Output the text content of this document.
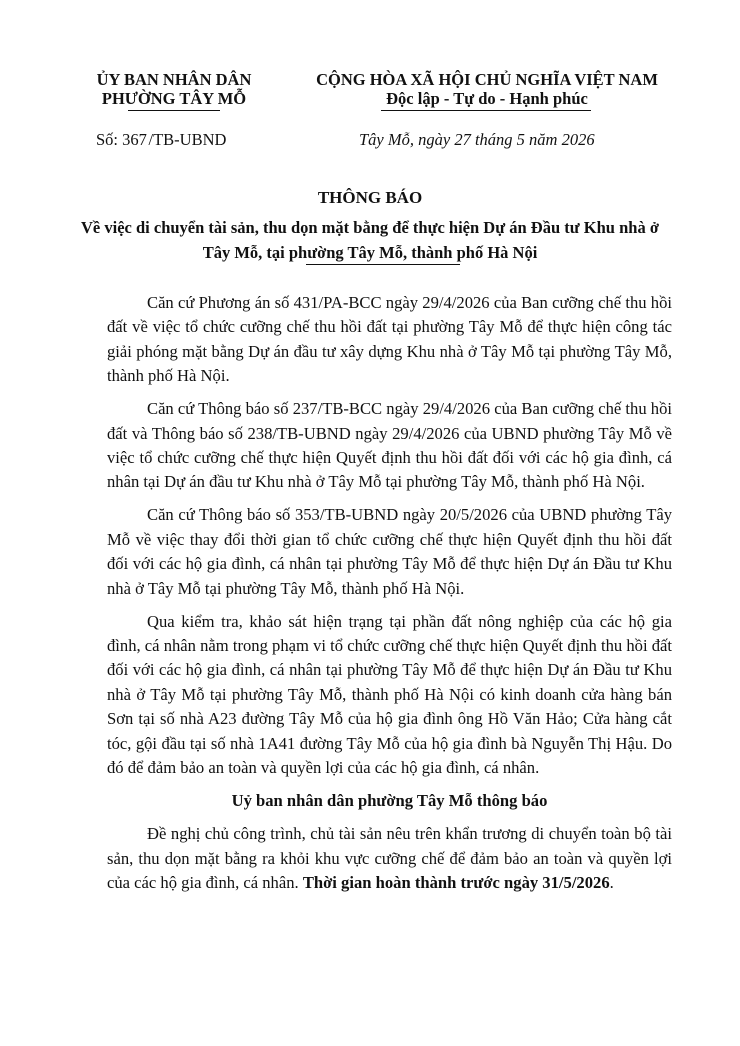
ỦY BAN NHÂN DÂN
PHƯỜNG TÂY MỖ
CỘNG HÒA XÃ HỘI CHỦ NGHĨA VIỆT NAM
Độc lập - Tự do - Hạnh phúc
Số: 367    /TB-UBND	Tây Mỗ, ngày 27 tháng 5 năm 2026
THÔNG BÁO
Về việc di chuyển tài sản, thu dọn mặt bằng để thực hiện Dự án Đầu tư Khu nhà ở Tây Mỗ, tại phường Tây Mỗ, thành phố Hà Nội

Căn cứ Phương án số 431/PA-BCC ngày 29/4/2026 của Ban cưỡng chế thu hồi đất về việc tổ chức cưỡng chế thu hồi đất tại phường Tây Mỗ để thực hiện công tác giải phóng mặt bằng Dự án đầu tư xây dựng Khu nhà ở Tây Mỗ tại phường Tây Mỗ, thành phố Hà Nội.

Căn cứ Thông báo số 237/TB-BCC ngày 29/4/2026 của Ban cưỡng chế thu hồi đất và Thông báo số 238/TB-UBND ngày 29/4/2026 của UBND phường Tây Mỗ về việc tổ chức cưỡng chế thực hiện Quyết định thu hồi đất đối với các hộ gia đình, cá nhân tại Dự án đầu tư Khu nhà ở Tây Mỗ tại phường Tây Mỗ, thành phố Hà Nội.

Căn cứ Thông báo số 353/TB-UBND ngày 20/5/2026 của UBND phường Tây Mỗ về việc thay đổi thời gian tổ chức cưỡng chế thực hiện Quyết định thu hồi đất đối với các hộ gia đình, cá nhân tại phường Tây Mỗ để thực hiện Dự án Đầu tư Khu nhà ở Tây Mỗ tại phường Tây Mỗ, thành phố Hà Nội.

Qua kiểm tra, khảo sát hiện trạng tại phần đất nông nghiệp của các hộ gia đình, cá nhân nằm trong phạm vi tổ chức cưỡng chế thực hiện Quyết định thu hồi đất đối với các hộ gia đình, cá nhân tại phường Tây Mỗ để thực hiện Dự án Đầu tư Khu nhà ở Tây Mỗ tại phường Tây Mỗ, thành phố Hà Nội có kinh doanh cửa hàng bán Sơn tại số nhà A23 đường Tây Mỗ của hộ gia đình ông Hồ Văn Hảo; Cửa hàng cắt tóc, gội đầu tại số nhà 1A41 đường Tây Mỗ của hộ gia đình bà Nguyễn Thị Hậu. Do đó để đảm bảo an toàn và quyền lợi của các hộ gia đình, cá nhân.

Uỷ ban nhân dân phường Tây Mỗ thông báo

Đề nghị chủ công trình, chủ tài sản nêu trên khẩn trương di chuyển toàn bộ tài sản, thu dọn mặt bằng ra khỏi khu vực cưỡng chế để đảm bảo an toàn và quyền lợi của các hộ gia đình, cá nhân. Thời gian hoàn thành trước ngày 31/5/2026.
